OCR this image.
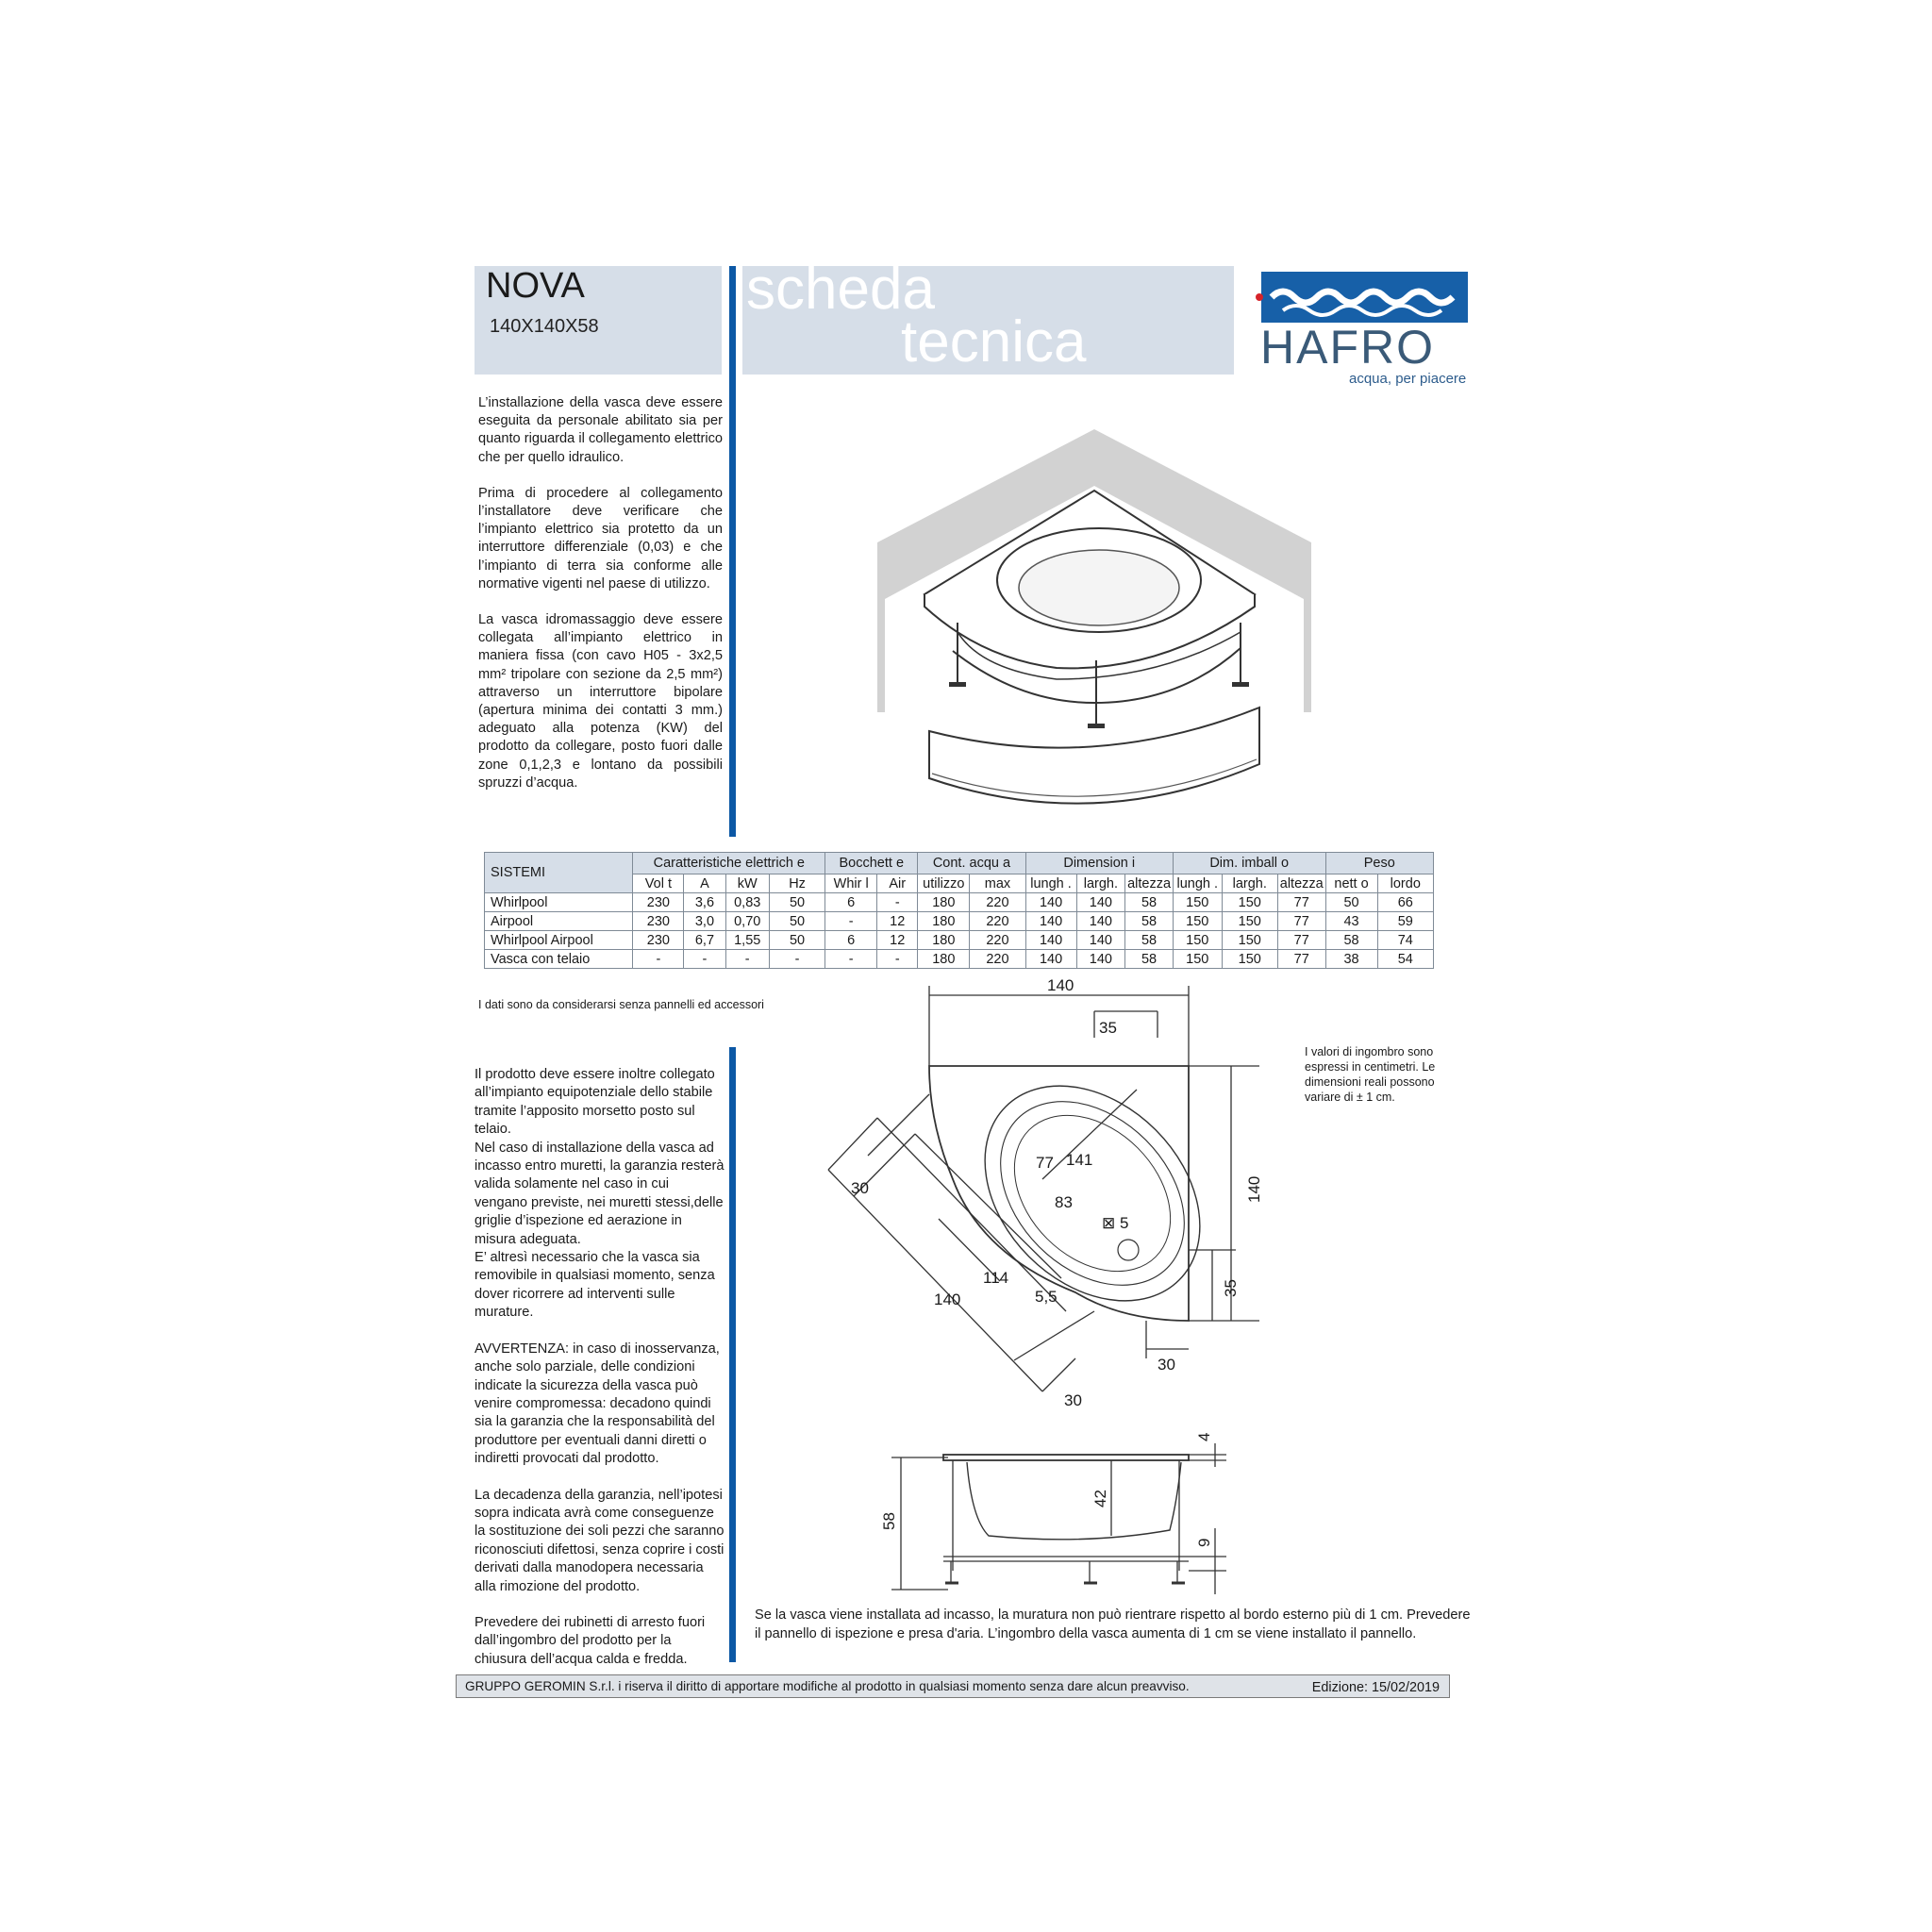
NOVA
140X140X58
scheda
tecnica	HAFRO
acqua, per piacere

L’installazione della vasca deve essere eseguita da personale abilitato sia per quanto riguarda il collegamento elettrico che per quello idraulico.

Prima di procedere al collegamento l’installatore deve verificare che l’impianto elettrico sia protetto da un interruttore differenziale (0,03) e che l’impianto di terra sia conforme alle normative vigenti nel paese di utilizzo.

La vasca idromassaggio deve essere collegata all’impianto elettrico in maniera fissa (con cavo H05 - 3x2,5 mm² tripolare con sezione da 2,5 mm²) attraverso un interruttore bipolare (apertura minima dei contatti 3 mm.) adeguato alla potenza (KW) del prodotto da collegare, posto fuori dalle zone 0,1,2,3 e lontano da possibili spruzzi d’acqua.

SISTEMI	Caratteristiche elettrich e				Bocchett e		Cont. acqu a		Dimension i			Dim. imball o			Peso	
	Vol t	A	kW	Hz	Whir l	Air	utilizzo	max	lungh .	largh.	altezza	lungh .	largh.	altezza	nett o	lordo
Whirlpool	230	3,6	0,83	50	6	-	180	220	140	140	58	150	150	77	50	66
Airpool	230	3,0	0,70	50	-	12	180	220	140	140	58	150	150	77	43	59
Whirlpool Airpool	230	6,7	1,55	50	6	12	180	220	140	140	58	150	150	77	58	74
Vasca con telaio	-	-	-	-	-	-	180	220	140	140	58	150	150	77	38	54
I dati sono da considerarsi senza pannelli ed accessori
Il prodotto deve essere inoltre collegato all’impianto equipotenziale dello stabile tramite l’apposito morsetto posto sul telaio.
Nel caso di installazione della vasca ad incasso entro muretti, la garanzia resterà valida solamente nel caso in cui vengano previste, nei muretti stessi,delle griglie d’ispezione ed aerazione in misura adeguata.

E’ altresì necessario che la vasca sia removibile in qualsiasi momento, senza dover ricorrere ad interventi sulle murature.

AVVERTENZA: in caso di inosservanza, anche solo parziale, delle condizioni indicate la sicurezza della vasca può venire compromessa: decadono quindi sia la garanzia che la responsabilità del produttore per eventuali danni diretti o indiretti provocati dal prodotto.

La decadenza della garanzia, nell’ipotesi sopra indicata avrà come conseguenze la sostituzione dei soli pezzi che saranno riconosciuti difettosi, senza coprire i costi derivati dalla manodopera necessaria alla rimozione del prodotto.

Prevedere dei rubinetti di arresto fuori dall’ingombro del prodotto per la chiusura dell’acqua calda e fredda.

I valori di ingombro sono espressi in centimetri. Le dimensioni reali possono variare di ± 1 cm.
140
35
140
30
141
77
83
⊠ 5
114
140	5,5	35
30
30
58
42
4
9
Se la vasca viene installata ad incasso, la muratura non può rientrare rispetto al bordo esterno più di 1 cm. Prevedere il pannello di ispezione e presa d'aria. L’ingombro della vasca aumenta di 1 cm se viene installato il pannello.
GRUPPO GEROMIN S.r.l. i riserva il diritto di apportare modifiche al prodotto in qualsiasi momento senza dare alcun preavviso.	Edizione: 15/02/2019
